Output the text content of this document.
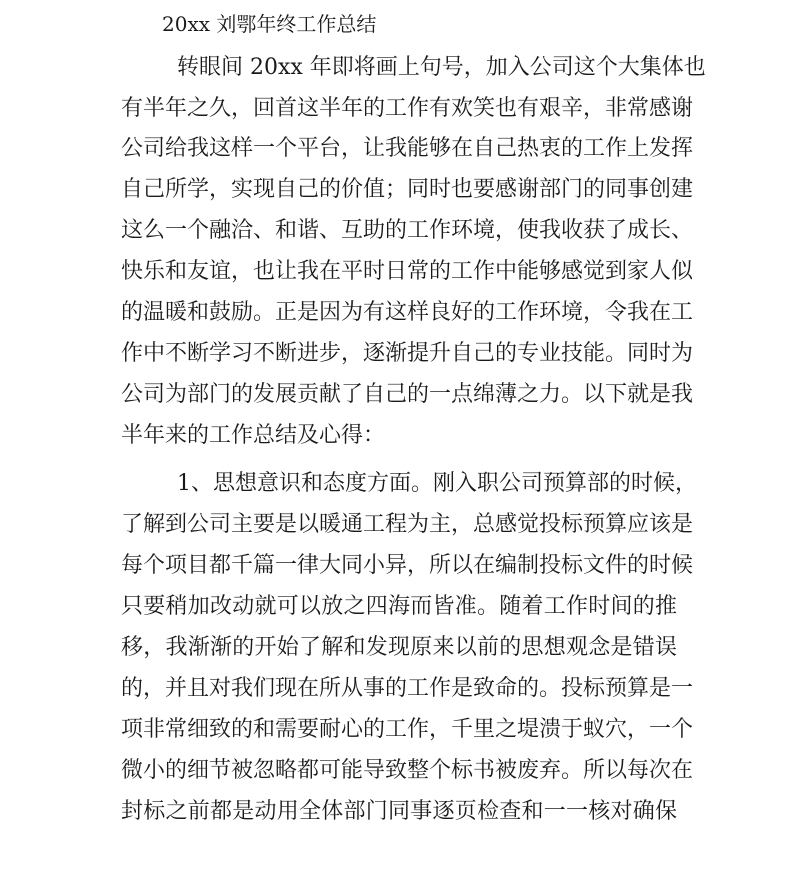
20xx 刘鄂年终工作总结
转眼间 20xx 年即将画上句号，加入公司这个大集体也
有半年之久，回首这半年的工作有欢笑也有艰辛，非常感谢
公司给我这样一个平台，让我能够在自己热衷的工作上发挥
自己所学，实现自己的价值；同时也要感谢部门的同事创建
这么一个融洽、和谐、互助的工作环境，使我收获了成长、
快乐和友谊，也让我在平时日常的工作中能够感觉到家人似
的温暖和鼓励。正是因为有这样良好的工作环境，令我在工
作中不断学习不断进步，逐渐提升自己的专业技能。同时为
公司为部门的发展贡献了自己的一点绵薄之力。以下就是我
半年来的工作总结及心得：
1、思想意识和态度方面。刚入职公司预算部的时候，
了解到公司主要是以暖通工程为主，总感觉投标预算应该是
每个项目都千篇一律大同小异，所以在编制投标文件的时候
只要稍加改动就可以放之四海而皆准。随着工作时间的推
移，我渐渐的开始了解和发现原来以前的思想观念是错误
的，并且对我们现在所从事的工作是致命的。投标预算是一
项非常细致的和需要耐心的工作，千里之堤溃于蚁穴，一个
微小的细节被忽略都可能导致整个标书被废弃。所以每次在
封标之前都是动用全体部门同事逐页检查和一一核对确保
